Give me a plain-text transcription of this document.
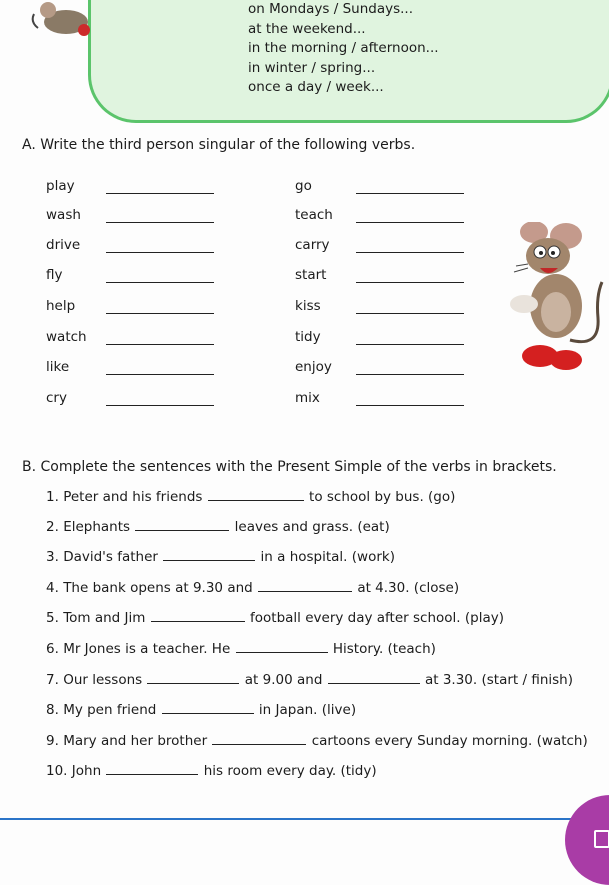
on Mondays / Sundays...
at the weekend...
in the morning / afternoon...
in winter / spring...
once a day / week...
A. Write the third person singular of the following verbs.
play	go
wash	teach
drive	carry
fly	start
help	kiss
watch	tidy
like	enjoy
cry	mix
B. Complete the sentences with the Present Simple of the verbs in brackets.
1. Peter and his friends	to school by bus. (go)
2. Elephants	leaves and grass. (eat)
3. David's father	in a hospital. (work)
4. The bank opens at 9.30 and	at 4.30. (close)
5. Tom and Jim	football every day after school. (play)
6. Mr Jones is a teacher. He	History. (teach)
7. Our lessons	at 9.00 and	at 3.30. (start / finish)
8. My pen friend	in Japan. (live)
9. Mary and her brother	cartoons every Sunday morning. (watch)
10. John	his room every day. (tidy)
